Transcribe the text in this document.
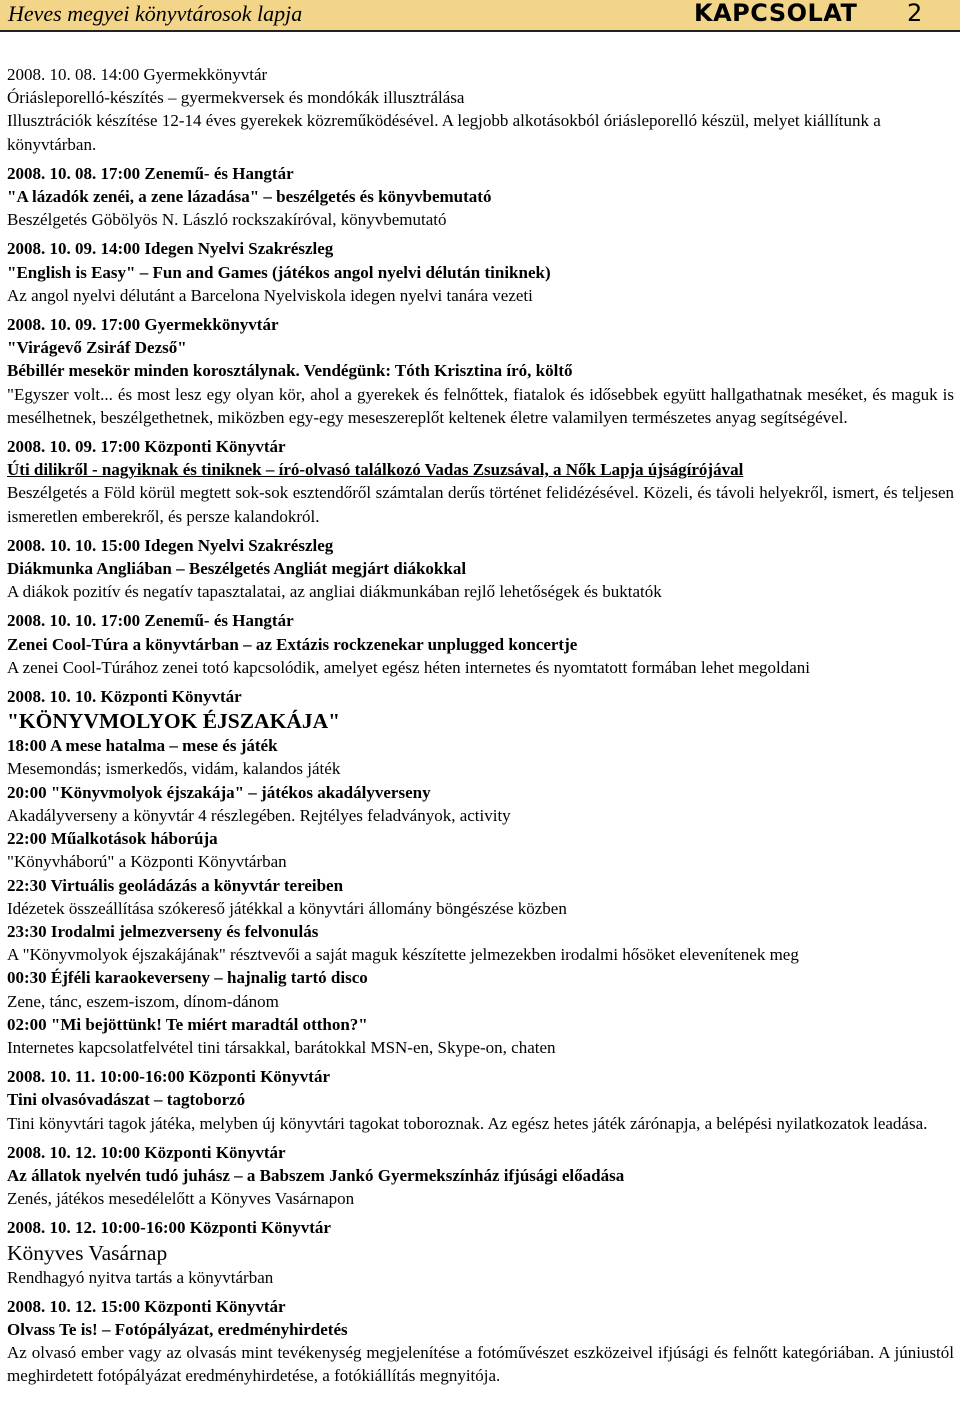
Heves megyei könyvtárosok lapja	KAPCSOLAT 2
2008. 10. 08. 14:00 Gyermekkönyvtár
Óriásleporelló-készítés – gyermekversek és mondókák illusztrálása
Illusztrációk készítése 12-14 éves gyerekek közreműködésével. A legjobb alkotásokból óriásleporelló készül, melyet kiállítunk a könyvtárban.
2008. 10. 08. 17:00 Zenemű- és Hangtár
"A lázadók zenéi, a zene lázadása" – beszélgetés és könyvbemutató
Beszélgetés Göbölyös N. László rockszakíróval, könyvbemutató
2008. 10. 09. 14:00 Idegen Nyelvi Szakrészleg
"English is Easy" – Fun and Games (játékos angol nyelvi délután tiniknek)
Az angol nyelvi délutánt a Barcelona Nyelviskola idegen nyelvi tanára vezeti
2008. 10. 09. 17:00 Gyermekkönyvtár
"Virágevő Zsiráf Dezső"
Bébillér mesekör minden korosztálynak. Vendégünk: Tóth Krisztina író, költő
"Egyszer volt... és most lesz egy olyan kör, ahol a gyerekek és felnőttek, fiatalok és idősebbek együtt hallgathatnak meséket, és maguk is mesélhetnek, beszélgethetnek, miközben egy-egy meseszereplőt keltenek életre valamilyen természetes anyag segítségével.
2008. 10. 09. 17:00 Központi Könyvtár
Úti dilikről - nagyiknak és tiniknek – író-olvasó találkozó Vadas Zsuzsával, a Nők Lapja újságírójával
Beszélgetés a Föld körül megtett sok-sok esztendőről számtalan derűs történet felidézésével. Közeli, és távoli helyekről, ismert, és teljesen ismeretlen emberekről, és persze kalandokról.
2008. 10. 10. 15:00 Idegen Nyelvi Szakrészleg
Diákmunka Angliában – Beszélgetés Angliát megjárt diákokkal
A diákok pozitív és negatív tapasztalatai, az angliai diákmunkában rejlő lehetőségek és buktatók
2008. 10. 10. 17:00 Zenemű- és Hangtár
Zenei Cool-Túra a könyvtárban – az Extázis rockzenekar unplugged koncertje
A zenei Cool-Túrához zenei totó kapcsolódik, amelyet egész héten internetes és nyomtatott formában lehet megoldani
2008. 10. 10. Központi Könyvtár
"KÖNYVMOLYOK ÉJSZAKÁJA"
18:00 A mese hatalma – mese és játék
Mesemondás; ismerkedős, vidám, kalandos játék
20:00 "Könyvmolyok éjszakája" – játékos akadályverseny
Akadályverseny a könyvtár 4 részlegében. Rejtélyes feladványok, activity
22:00 Műalkotások háborúja
"Könyvháború" a Központi Könyvtárban
22:30 Virtuális geoládázás a könyvtár tereiben
Idézetek összeállítása szókereső játékkal a könyvtári állomány böngészése közben
23:30 Irodalmi jelmezverseny és felvonulás
A "Könyvmolyok éjszakájának" résztvevői a saját maguk készítette jelmezekben irodalmi hősöket elevenítenek meg
00:30 Éjféli karaokeverseny – hajnalig tartó disco
Zene, tánc, eszem-iszom, dínom-dánom
02:00 "Mi bejöttünk! Te miért maradtál otthon?"
Internetes kapcsolatfelvétel tini társakkal, barátokkal MSN-en, Skype-on, chaten
2008. 10. 11. 10:00-16:00 Központi Könyvtár
Tini olvasóvadászat – tagtoborzó
Tini könyvtári tagok játéka, melyben új könyvtári tagokat toboroznak. Az egész hetes játék zárónapja, a belépési nyilatkozatok leadása.
2008. 10. 12. 10:00 Központi Könyvtár
Az állatok nyelvén tudó juhász – a Babszem Jankó Gyermekszínház ifjúsági előadása
Zenés, játékos mesedélelőtt a Könyves Vasárnapon
2008. 10. 12. 10:00-16:00 Központi Könyvtár
Könyves Vasárnap
Rendhagyó nyitva tartás a könyvtárban
2008. 10. 12. 15:00 Központi Könyvtár
Olvass Te is! – Fotópályázat, eredményhirdetés
Az olvasó ember vagy az olvasás mint tevékenység megjelenítése a fotóművészet eszközeivel ifjúsági és felnőtt kategóriában. A júniustól meghirdetett fotópályázat eredményhirdetése, a fotókiállítás megnyitója.
